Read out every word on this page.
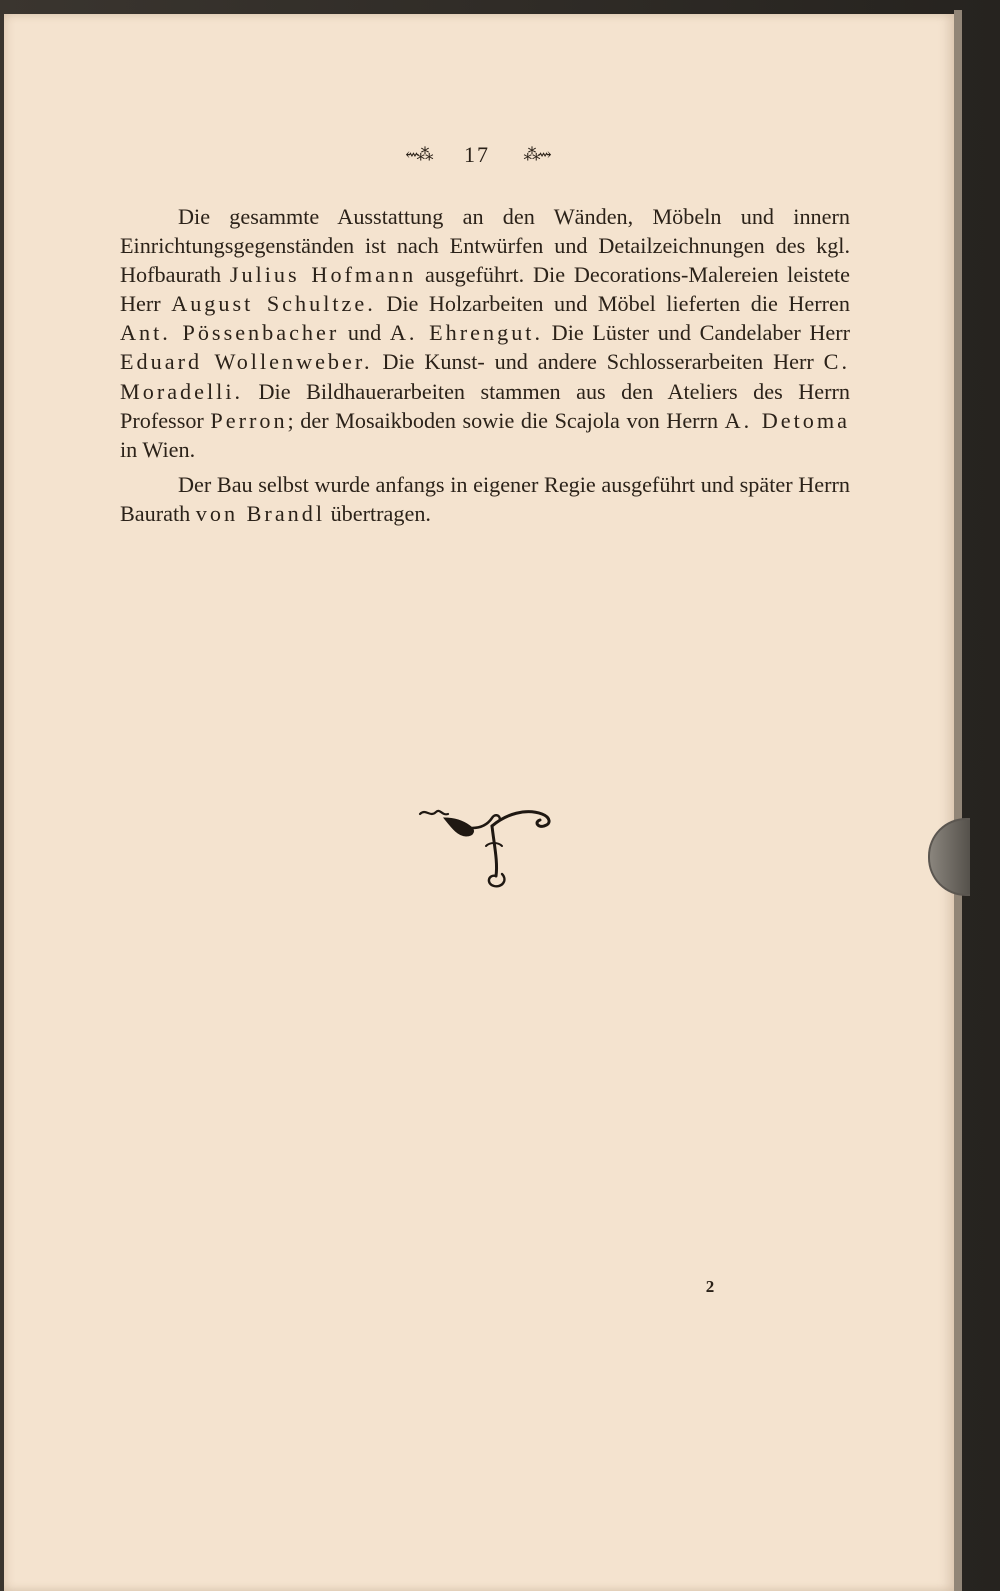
⇜⁂ 17 ⁂⇝

Die gesammte Ausstattung an den Wänden, Möbeln und innern Einrichtungsgegenständen ist nach Entwürfen und Detailzeichnungen des kgl. Hofbaurath Julius Hofmann ausgeführt. Die Decorations-Malereien leistete Herr August Schultze. Die Holzarbeiten und Möbel lieferten die Herren Ant. Pössenbacher und A. Ehrengut. Die Lüster und Candelaber Herr Eduard Wollenweber. Die Kunst- und andere Schlosserarbeiten Herr C. Moradelli. Die Bildhauerarbeiten stammen aus den Ateliers des Herrn Professor Perron; der Mosaikboden sowie die Scajola von Herrn A. Detoma in Wien.

Der Bau selbst wurde anfangs in eigener Regie ausgeführt und später Herrn Baurath von Brandl übertragen.

2
